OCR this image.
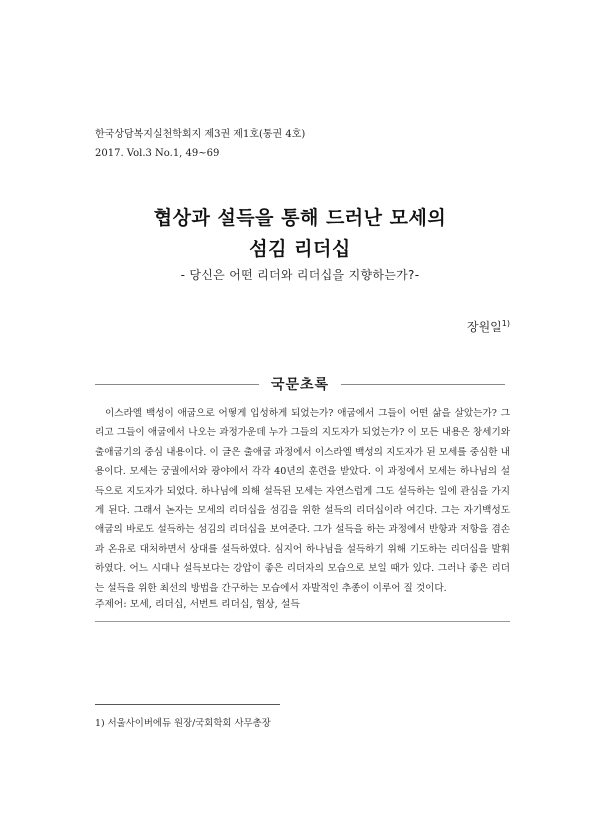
한국상담복지실천학회지 제3권 제1호(통권 4호)
2017. Vol.3 No.1, 49~69
협상과 설득을 통해 드러난 모세의
섬김 리더십
- 당신은 어떤 리더와 리더십을 지향하는가?-
장원일$^{1)}$
국문초록

이스라엘 백성이 애굽으로 어떻게 입성하게 되었는가? 애굽에서 그들이 어떤 삶을 살았는가? 그리고 그들이 애굽에서 나오는 과정가운데 누가 그들의 지도자가 되었는가? 이 모든 내용은 창세기와 출애굽기의 중심 내용이다. 이 글은 출애굽 과정에서 이스라엘 백성의 지도자가 된 모세를 중심한 내용이다. 모세는 궁궐에서와 광야에서 각각 40년의 훈련을 받았다. 이 과정에서 모세는 하나님의 설득으로 지도자가 되었다. 하나님에 의해 설득된 모세는 자연스럽게 그도 설득하는 일에 관심을 가지게 된다. 그래서 논자는 모세의 리더십을 섬김을 위한 설득의 리더십이라 여긴다. 그는 자기백성도 애굽의 바로도 설득하는 섬김의 리더십을 보여준다. 그가 설득을 하는 과정에서 반항과 저항을 겸손과 온유로 대처하면서 상대를 설득하였다. 심지어 하나님을 설득하기 위해 기도하는 리더십을 발휘하였다. 어느 시대나 설득보다는 강압이 좋은 리더자의 모습으로 보일 때가 있다. 그러나 좋은 리더는 설득을 위한 최선의 방법을 간구하는 모습에서 자발적인 추종이 이루어 질 것이다.

주제어: 모세, 리더십, 서번트 리더십, 협상, 설득
1) 서울사이버에듀 원장/국회학회 사무총장
